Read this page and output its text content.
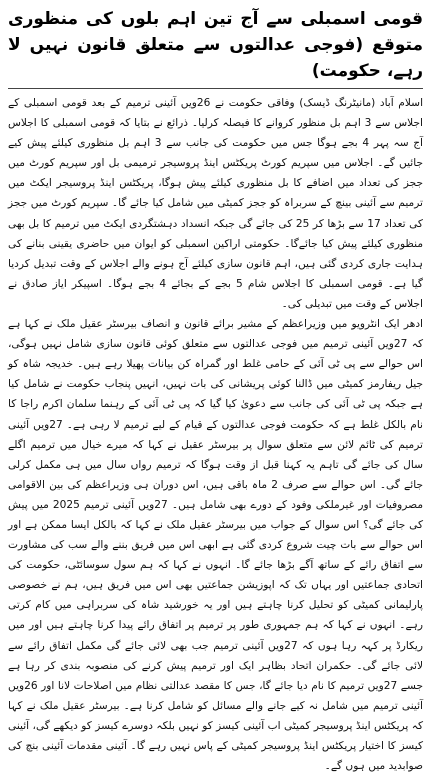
قومی اسمبلی سے آج تین اہم بلوں کی منظوری متوقع (فوجی عدالتوں سے متعلق قانون نہیں لا رہے، حکومت)

اسلام آباد (مانیٹرنگ ڈیسک) وفاقی حکومت نے 26ویں آئینی ترمیم کے بعد قومی اسمبلی کے اجلاس سے 3 اہم بل منظور کروانے کا فیصلہ کرلیا۔ ذرائع نے بتایا کہ قومی اسمبلی کا اجلاس آج سہ پہر 4 بجے ہوگا جس میں حکومت کی جانب سے 3 اہم بل منظوری کیلئے پیش کیے جائیں گے۔ اجلاس میں سپریم کورٹ پریکٹس اینڈ پروسیجر ترمیمی بل اور سپریم کورٹ میں ججز کی تعداد میں اضافے کا بل منظوری کیلئے پیش ہوگا، پریکٹس اینڈ پروسیجر ایکٹ میں ترمیم سے آئینی بینچ کے سربراہ کو ججز کمیٹی میں شامل کیا جائے گا۔ سپریم کورٹ میں ججز کی تعداد 17 سے بڑھا کر 25 کی جائے گی جبکہ انسداد دہشتگردی ایکٹ میں ترمیم کا بل بھی منظوری کیلئے پیش کیا جائےگا۔ حکومتی اراکین اسمبلی کو ایوان میں حاضری یقینی بنانے کی ہدایت جاری کردی گئی ہیں، اہم قانون سازی کیلئے آج ہونے والے اجلاس کے وقت تبدیل کردیا گیا ہے۔ قومی اسمبلی کا اجلاس شام 5 بجے کے بجائے 4 بجے ہوگا۔ اسپیکر ایاز صادق نے اجلاس کے وقت میں تبدیلی کی۔

ادھر ایک انٹرویو میں وزیراعظم کے مشیر برائے قانون و انصاف بیرسٹر عقیل ملک نے کہا ہے کہ 27ویں آئینی ترمیم میں فوجی عدالتوں سے متعلق کوئی قانون سازی شامل نہیں ہوگی، اس حوالے سے پی ٹی آئی کے حامی غلط اور گمراہ کن بیانات پھیلا رہے ہیں۔ خدیجہ شاہ کو جیل ریفارمز کمیٹی میں ڈالنا کوئی پریشانی کی بات نہیں، انہیں پنجاب حکومت نے شامل کیا ہے جبکہ پی ٹی آئی کی جانب سے دعویٰ کیا گیا کہ پی ٹی آئی کے رہنما سلمان اکرم راجا کا نام بالکل غلط ہے کہ حکومت فوجی عدالتوں کے قیام کے لیے ترمیم لا رہی ہے۔ 27ویں آئینی ترمیم کی ٹائم لائن سے متعلق سوال پر بیرسٹر عقیل نے کہا کہ میرے خیال میں ترمیم اگلے سال کی جائے گی تاہم یہ کہنا قبل از وقت ہوگا کہ ترمیم رواں سال میں ہی مکمل کرلی جائے گی۔ اس حوالے سے صرف 2 ماہ باقی ہیں، اس دوران ہی وزیراعظم کی بین الاقوامی مصروفیات اور غیرملکی وفود کے دورے بھی شامل ہیں۔ 27ویں آئینی ترمیم 2025 میں پیش کی جائے گی؟ اس سوال کے جواب میں بیرسٹر عقیل ملک نے کہا کہ بالکل ایسا ممکن ہے اور اس حوالے سے بات چیت شروع کردی گئی ہے ابھی اس میں فریق بننے والے سب کی مشاورت سے اتفاق رائے کے ساتھ آگے بڑھا جائے گا۔ انہوں نے کہا کہ ہم سول سوسائٹی، حکومت کی اتحادی جماعتیں اور یہاں تک کہ اپوزیشن جماعتیں بھی اس میں فریق ہیں، ہم نے خصوصی پارلیمانی کمیٹی کو تحلیل کرنا چاہتے ہیں اور یہ خورشید شاہ کی سربراہی میں کام کرتی رہے۔ انہوں نے کہا کہ ہم جمہوری طور پر ترمیم پر اتفاق رائے پیدا کرنا چاہتے ہیں اور میں ریکارڈ پر کہہ رہا ہوں کہ 27ویں آئینی ترمیم جب بھی لائی جائے گی مکمل اتفاق رائے سے لائی جائے گی۔ حکمران اتحاد بظاہر ایک اور ترمیم پیش کرنے کی منصوبہ بندی کر رہا ہے جسے 27ویں ترمیم کا نام دیا جائے گا، جس کا مقصد عدالتی نظام میں اصلاحات لانا اور 26ویں آئینی ترمیم میں شامل نہ کیے جانے والے مسائل کو شامل کرنا ہے۔ بیرسٹر عقیل ملک نے کہا کہ پریکٹس اینڈ پروسیجر کمیٹی اب آئینی کیسز کو نہیں بلکہ دوسرے کیسز کو دیکھے گی، آئینی کیسز کا اختیار پریکٹس اینڈ پروسیجر کمیٹی کے پاس نہیں رہے گا۔ آئینی مقدمات آئینی بنچ کی صوابدید میں ہوں گے۔
